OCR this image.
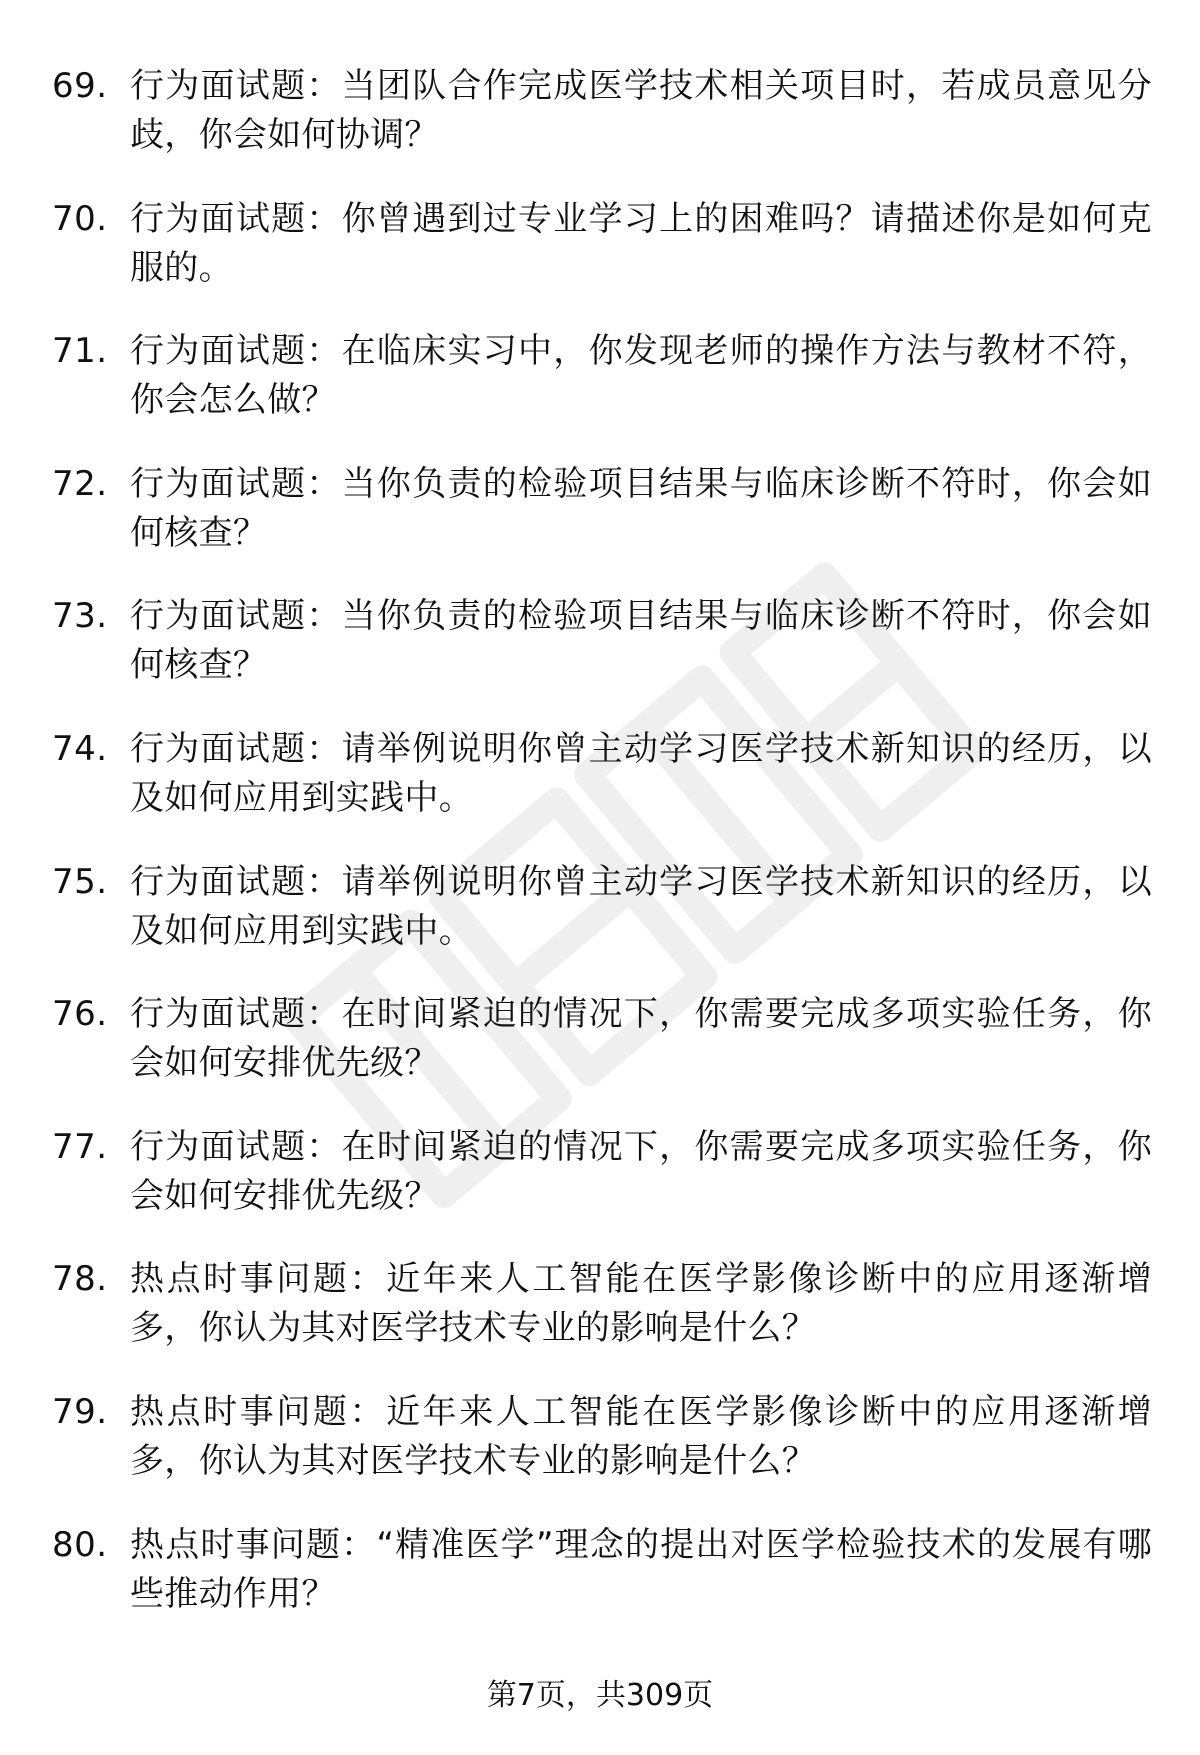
69. 行为面试题：当团队合作完成医学技术相关项目时，若成员意见分歧，你会如何协调？
70. 行为面试题：你曾遇到过专业学习上的困难吗？请描述你是如何克服的。
71. 行为面试题：在临床实习中，你发现老师的操作方法与教材不符，你会怎么做？
72. 行为面试题：当你负责的检验项目结果与临床诊断不符时，你会如何核查？
73. 行为面试题：当你负责的检验项目结果与临床诊断不符时，你会如何核查？
74. 行为面试题：请举例说明你曾主动学习医学技术新知识的经历，以及如何应用到实践中。
75. 行为面试题：请举例说明你曾主动学习医学技术新知识的经历，以及如何应用到实践中。
76. 行为面试题：在时间紧迫的情况下，你需要完成多项实验任务，你会如何安排优先级？
77. 行为面试题：在时间紧迫的情况下，你需要完成多项实验任务，你会如何安排优先级？
78. 热点时事问题：近年来人工智能在医学影像诊断中的应用逐渐增多，你认为其对医学技术专业的影响是什么？
79. 热点时事问题：近年来人工智能在医学影像诊断中的应用逐渐增多，你认为其对医学技术专业的影响是什么？
80. 热点时事问题：“精准医学”理念的提出对医学检验技术的发展有哪些推动作用？
第7页，共309页
